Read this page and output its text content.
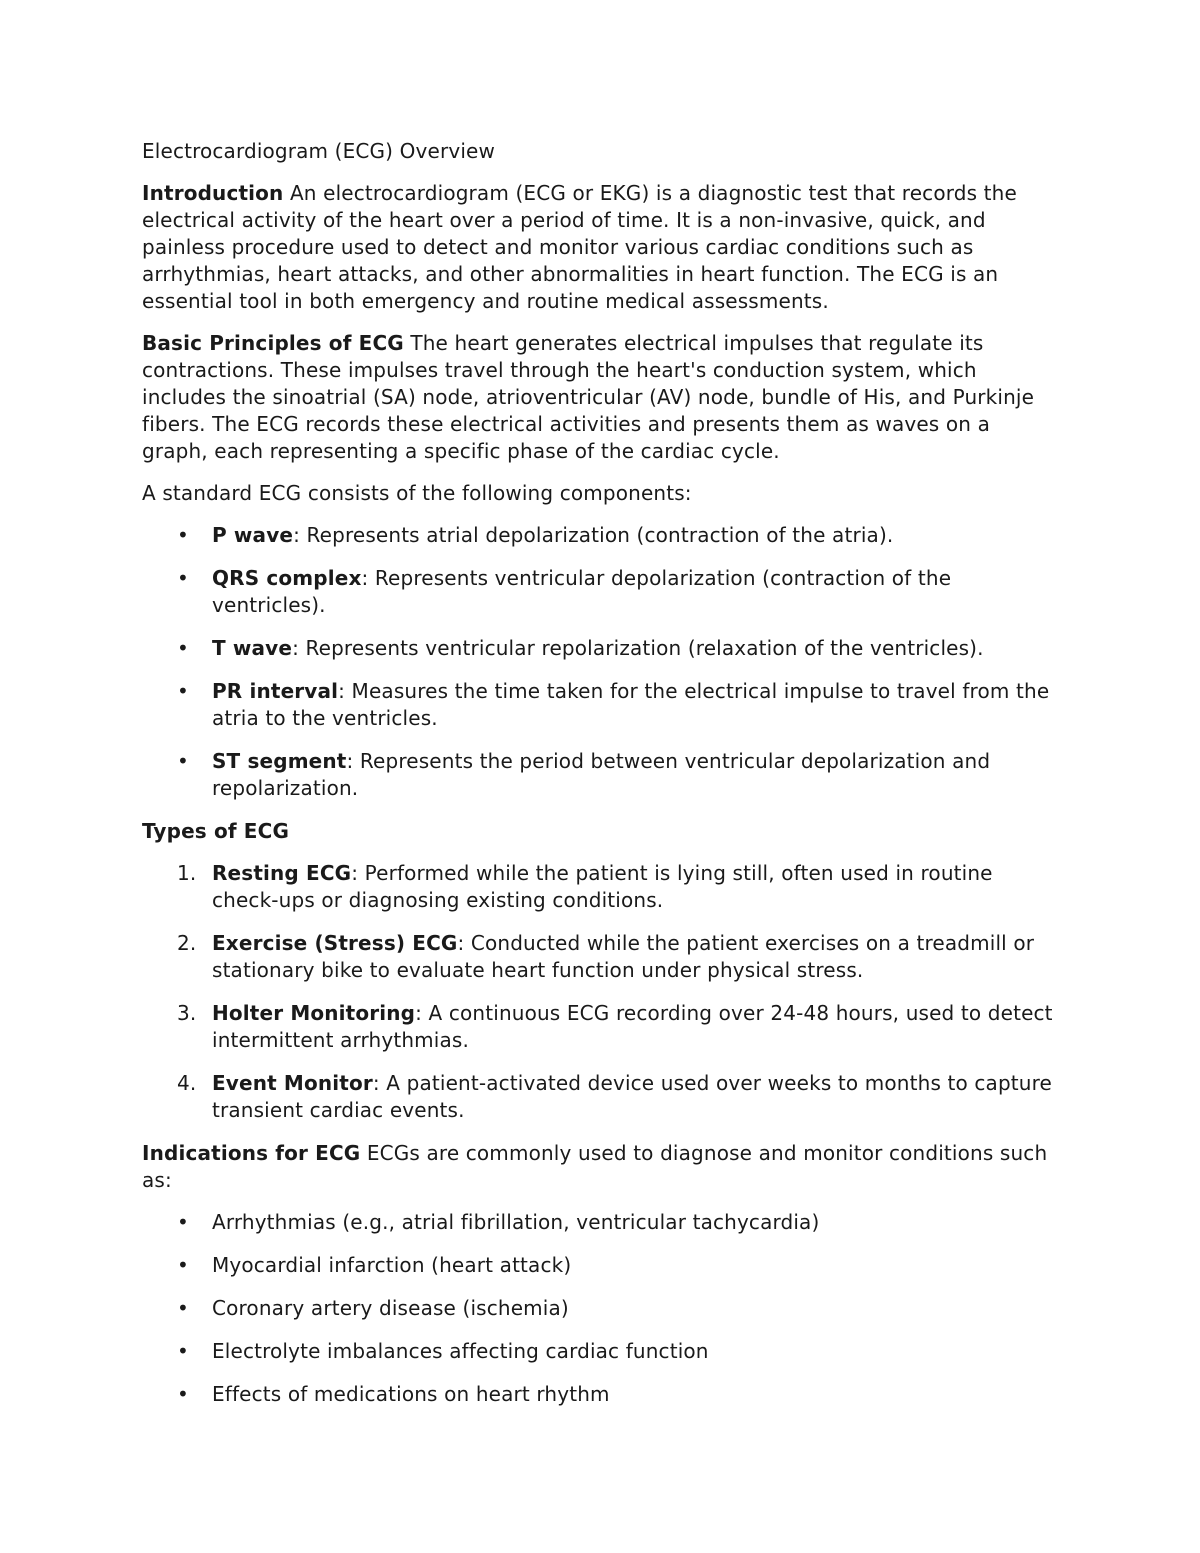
Electrocardiogram (ECG) Overview

Introduction An electrocardiogram (ECG or EKG) is a diagnostic test that records the electrical activity of the heart over a period of time. It is a non-invasive, quick, and painless procedure used to detect and monitor various cardiac conditions such as arrhythmias, heart attacks, and other abnormalities in heart function. The ECG is an essential tool in both emergency and routine medical assessments.

Basic Principles of ECG The heart generates electrical impulses that regulate its contractions. These impulses travel through the heart's conduction system, which includes the sinoatrial (SA) node, atrioventricular (AV) node, bundle of His, and Purkinje fibers. The ECG records these electrical activities and presents them as waves on a graph, each representing a specific phase of the cardiac cycle.

A standard ECG consists of the following components:

• P wave: Represents atrial depolarization (contraction of the atria).
• QRS complex: Represents ventricular depolarization (contraction of the ventricles).
• T wave: Represents ventricular repolarization (relaxation of the ventricles).
• PR interval: Measures the time taken for the electrical impulse to travel from the atria to the ventricles.
• ST segment: Represents the period between ventricular depolarization and repolarization.

Types of ECG

1. Resting ECG: Performed while the patient is lying still, often used in routine check-ups or diagnosing existing conditions.
2. Exercise (Stress) ECG: Conducted while the patient exercises on a treadmill or stationary bike to evaluate heart function under physical stress.
3. Holter Monitoring: A continuous ECG recording over 24-48 hours, used to detect intermittent arrhythmias.
4. Event Monitor: A patient-activated device used over weeks to months to capture transient cardiac events.

Indications for ECG ECGs are commonly used to diagnose and monitor conditions such as:

• Arrhythmias (e.g., atrial fibrillation, ventricular tachycardia)
• Myocardial infarction (heart attack)
• Coronary artery disease (ischemia)
• Electrolyte imbalances affecting cardiac function
• Effects of medications on heart rhythm
